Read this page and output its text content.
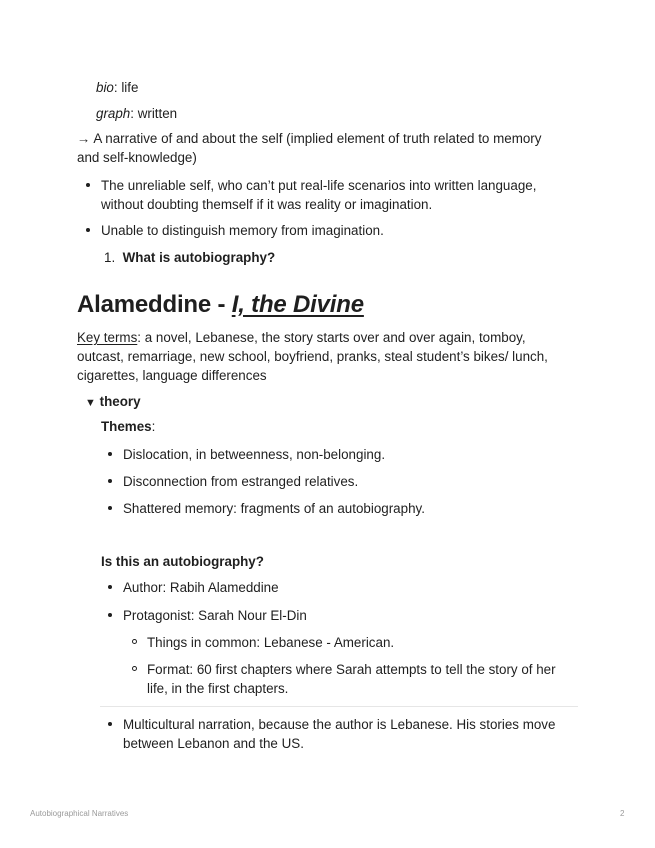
bio: life

graph: written

→ A narrative of and about the self (implied element of truth related to memory

and self-knowledge)

The unreliable self, who can’t put real-life scenarios into written language,

without doubting themself if it was reality or imagination.

Unable to distinguish memory from imagination.

1. What is autobiography?

Alameddine - I, the Divine

Key terms: a novel, Lebanese, the story starts over and over again, tomboy,

outcast, remarriage, new school, boyfriend, pranks, steal student’s bikes/ lunch,

cigarettes, language differences

▼ theory

Themes:

Dislocation, in betweenness, non-belonging.

Disconnection from estranged relatives.

Shattered memory: fragments of an autobiography.

Is this an autobiography?

Author: Rabih Alameddine

Protagonist: Sarah Nour El-Din

Things in common: Lebanese - American.

Format: 60 first chapters where Sarah attempts to tell the story of her

life, in the first chapters.

Multicultural narration, because the author is Lebanese. His stories move

between Lebanon and the US.

Autobiographical Narratives	2
